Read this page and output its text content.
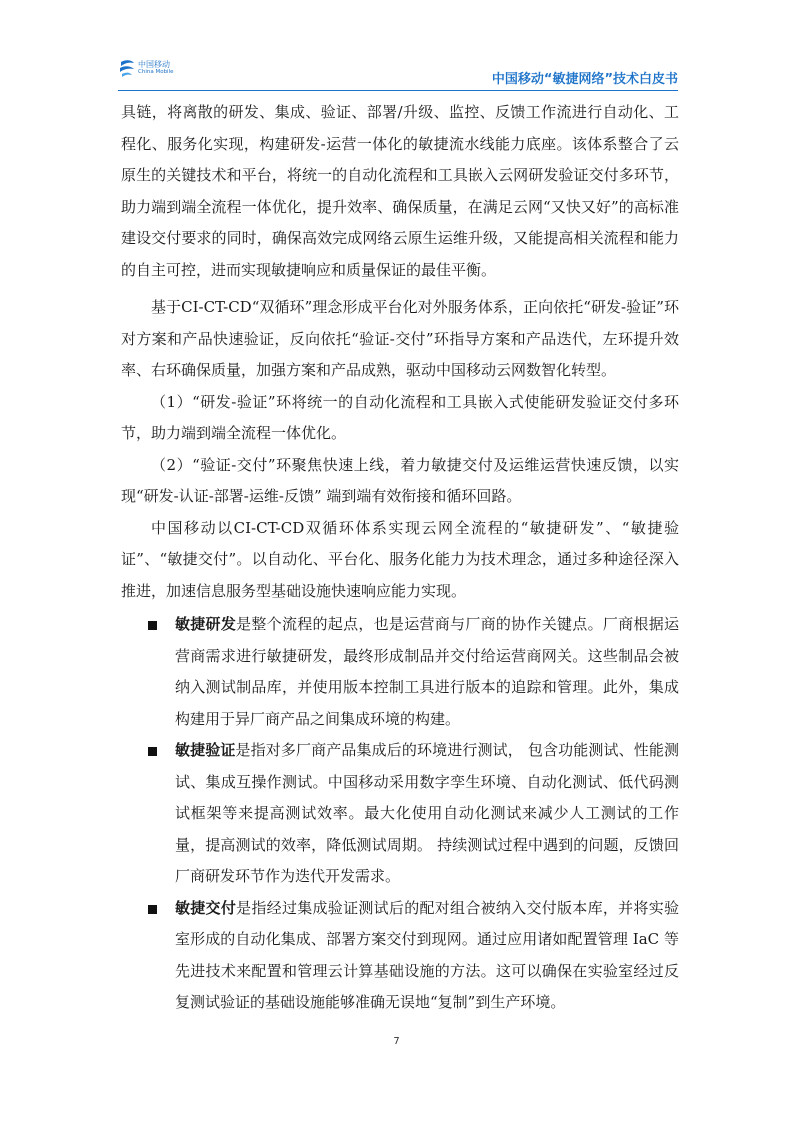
中国移动
China Mobile	中国移动“敏捷网络”技术白皮书

具链，将离散的研发、集成、验证、部署/升级、监控、反馈工作流进行自动化、工程化、服务化实现，构建研发-运营一体化的敏捷流水线能力底座。该体系整合了云原生的关键技术和平台，将统一的自动化流程和工具嵌入云网研发验证交付多环节，助力端到端全流程一体优化，提升效率、确保质量，在满足云网“又快又好”的高标准建设交付要求的同时，确保高效完成网络云原生运维升级，又能提高相关流程和能力的自主可控，进而实现敏捷响应和质量保证的最佳平衡。

基于CI-CT-CD“双循环”理念形成平台化对外服务体系，正向依托“研发-验证”环对方案和产品快速验证，反向依托“验证-交付”环指导方案和产品迭代，左环提升效率、右环确保质量，加强方案和产品成熟，驱动中国移动云网数智化转型。

（1）“研发-验证”环将统一的自动化流程和工具嵌入式使能研发验证交付多环节，助力端到端全流程一体优化。

（2）“验证-交付”环聚焦快速上线，着力敏捷交付及运维运营快速反馈，以实现“研发-认证-部署-运维-反馈” 端到端有效衔接和循环回路。

中国移动以CI-CT-CD双循环体系实现云网全流程的“敏捷研发”、“敏捷验证”、“敏捷交付”。以自动化、平台化、服务化能力为技术理念，通过多种途径深入推进，加速信息服务型基础设施快速响应能力实现。

敏捷研发是整个流程的起点，也是运营商与厂商的协作关键点。厂商根据运营商需求进行敏捷研发，最终形成制品并交付给运营商网关。这些制品会被纳入测试制品库，并使用版本控制工具进行版本的追踪和管理。此外，集成构建用于异厂商产品之间集成环境的构建。
敏捷验证是指对多厂商产品集成后的环境进行测试， 包含功能测试、性能测试、集成互操作测试。中国移动采用数字孪生环境、自动化测试、低代码测试框架等来提高测试效率。最大化使用自动化测试来减少人工测试的工作量，提高测试的效率，降低测试周期。 持续测试过程中遇到的问题，反馈回厂商研发环节作为迭代开发需求。
敏捷交付是指经过集成验证测试后的配对组合被纳入交付版本库，并将实验室形成的自动化集成、部署方案交付到现网。通过应用诸如配置管理 IaC 等先进技术来配置和管理云计算基础设施的方法。这可以确保在实验室经过反复测试验证的基础设施能够准确无误地“复制”到生产环境。
7
